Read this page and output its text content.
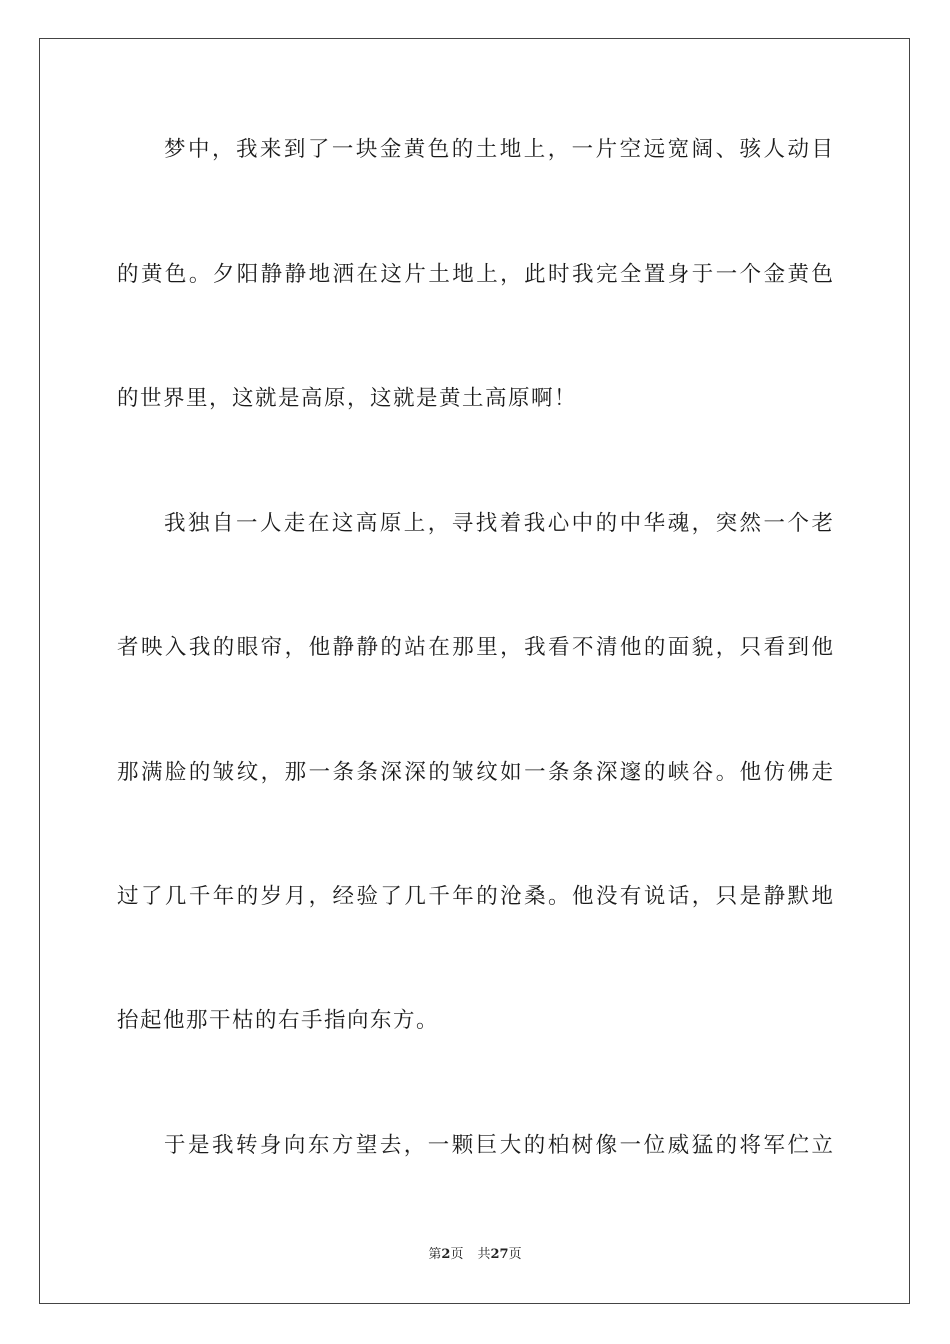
梦中，我来到了一块金黄色的土地上，一片空远宽阔、骇人动目
的黄色。夕阳静静地洒在这片土地上，此时我完全置身于一个金黄色
的世界里，这就是高原，这就是黄土高原啊！
我独自一人走在这高原上，寻找着我心中的中华魂，突然一个老
者映入我的眼帘，他静静的站在那里，我看不清他的面貌，只看到他
那满脸的皱纹，那一条条深深的皱纹如一条条深邃的峡谷。他仿佛走
过了几千年的岁月，经验了几千年的沧桑。他没有说话，只是静默地
抬起他那干枯的右手指向东方。
于是我转身向东方望去，一颗巨大的柏树像一位威猛的将军伫立
第2页 共27页
